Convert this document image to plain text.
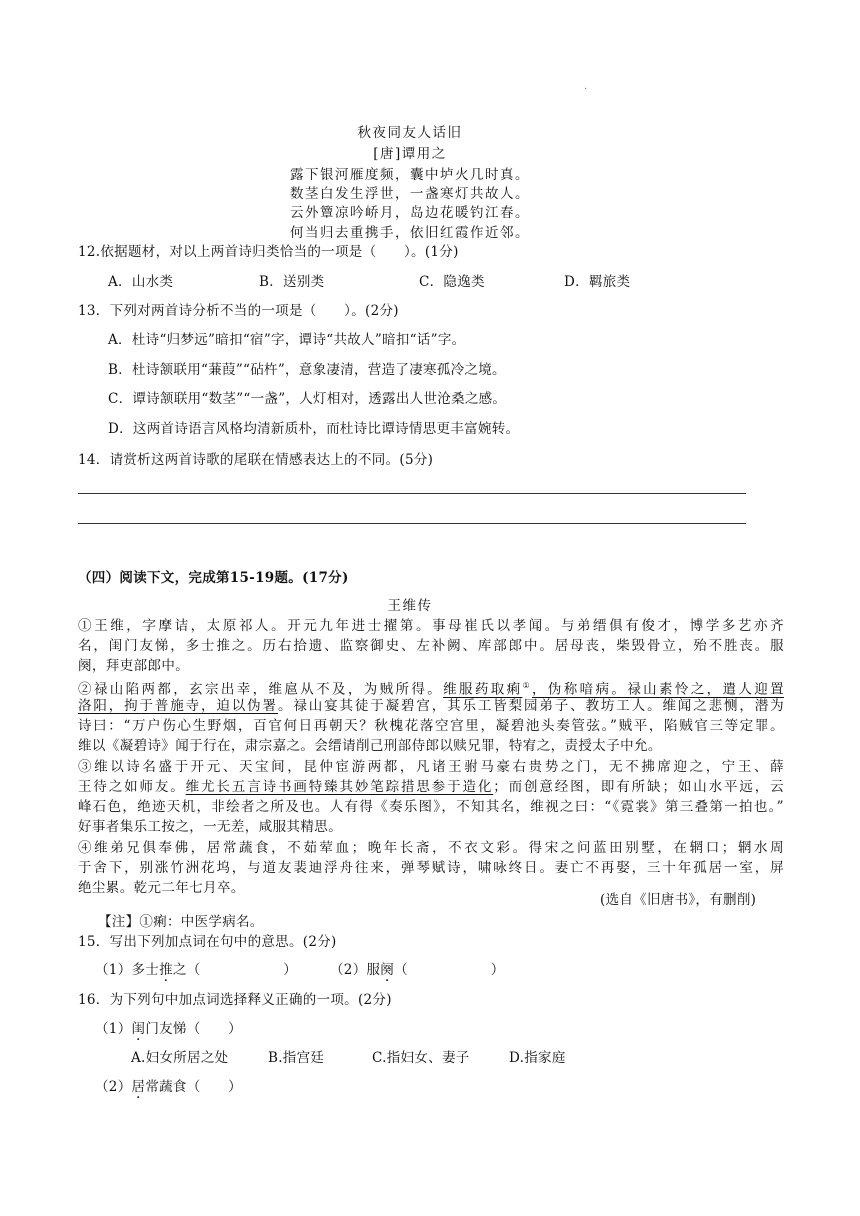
·
秋夜同友人话旧
[唐]谭用之
露下银河雁度频，囊中垆火几时真。
数茎白发生浮世，一盏寒灯共故人。
云外簟凉吟峤月，岛边花暖钓江春。
何当归去重携手，依旧红霞作近邻。
12.依据题材，对以上两首诗归类恰当的一项是（　　）。(1分)
A．山水类	B．送别类	C．隐逸类	D．羁旅类
13．下列对两首诗分析不当的一项是（　　）。(2分)
A．杜诗“归梦远”暗扣“宿”字，谭诗“共故人”暗扣“话”字。
B．杜诗颔联用“蒹葭”“砧杵”，意象凄清，营造了凄寒孤冷之境。
C．谭诗颔联用“数茎”“一盏”，人灯相对，透露出人世沧桑之感。
D．这两首诗语言风格均清新质朴，而杜诗比谭诗情思更丰富婉转。
14．请赏析这两首诗歌的尾联在情感表达上的不同。(5分)
（四）阅读下文，完成第15-19题。(17分)
王维传
①王维，字摩诘，太原祁人。开元九年进士擢第。事母崔氏以孝闻。与弟缙俱有俊才，博学多艺亦齐
名，闺门友悌，多士推之。历右拾遗、监察御史、左补阙、库部郎中。居母丧，柴毁骨立，殆不胜丧。服
阕，拜吏部郎中。
②禄山陷两都，玄宗出幸，维扈从不及，为贼所得。维服药取痢①，伪称喑病。禄山素怜之，遣人迎置
洛阳，拘于普施寺，迫以伪署。禄山宴其徒于凝碧宫，其乐工皆梨园弟子、教坊工人。维闻之悲恻，潜为
诗曰：“万户伤心生野烟，百官何日再朝天？秋槐花落空宫里，凝碧池头奏管弦。”贼平，陷贼官三等定罪。
维以《凝碧诗》闻于行在，肃宗嘉之。会缙请削己刑部侍郎以赎兄罪，特宥之，责授太子中允。
③维以诗名盛于开元、天宝间，昆仲宦游两都，凡诸王驸马豪右贵势之门，无不拂席迎之，宁王、薛
王待之如师友。维尤长五言诗书画特臻其妙笔踪措思参于造化；而创意经图，即有所缺；如山水平远，云
峰石色，绝迹天机，非绘者之所及也。人有得《奏乐图》，不知其名，维视之曰：“《霓裳》第三叠第一拍也。”
好事者集乐工按之，一无差，咸服其精思。
④维弟兄俱奉佛，居常蔬食，不茹荤血；晚年长斋，不衣文彩。得宋之问蓝田别墅，在辋口；辋水周
于舍下，别涨竹洲花坞，与道友裴迪浮舟往来，弹琴赋诗，啸咏终日。妻亡不再娶，三十年孤居一室，屏
绝尘累。乾元二年七月卒。
(选自《旧唐书》，有删削)
【注】①痢：中医学病名。
15．写出下列加点词在句中的意思。(2分)
（1）多士推之（　　　　　　） （2）服阕（　　　　　　）
16．为下列句中加点词选择释义正确的一项。(2分)
（1）闺门友悌（　　）
A.妇女所居之处	B.指宫廷	C.指妇女、妻子	D.指家庭
（2）居常蔬食（　　）
